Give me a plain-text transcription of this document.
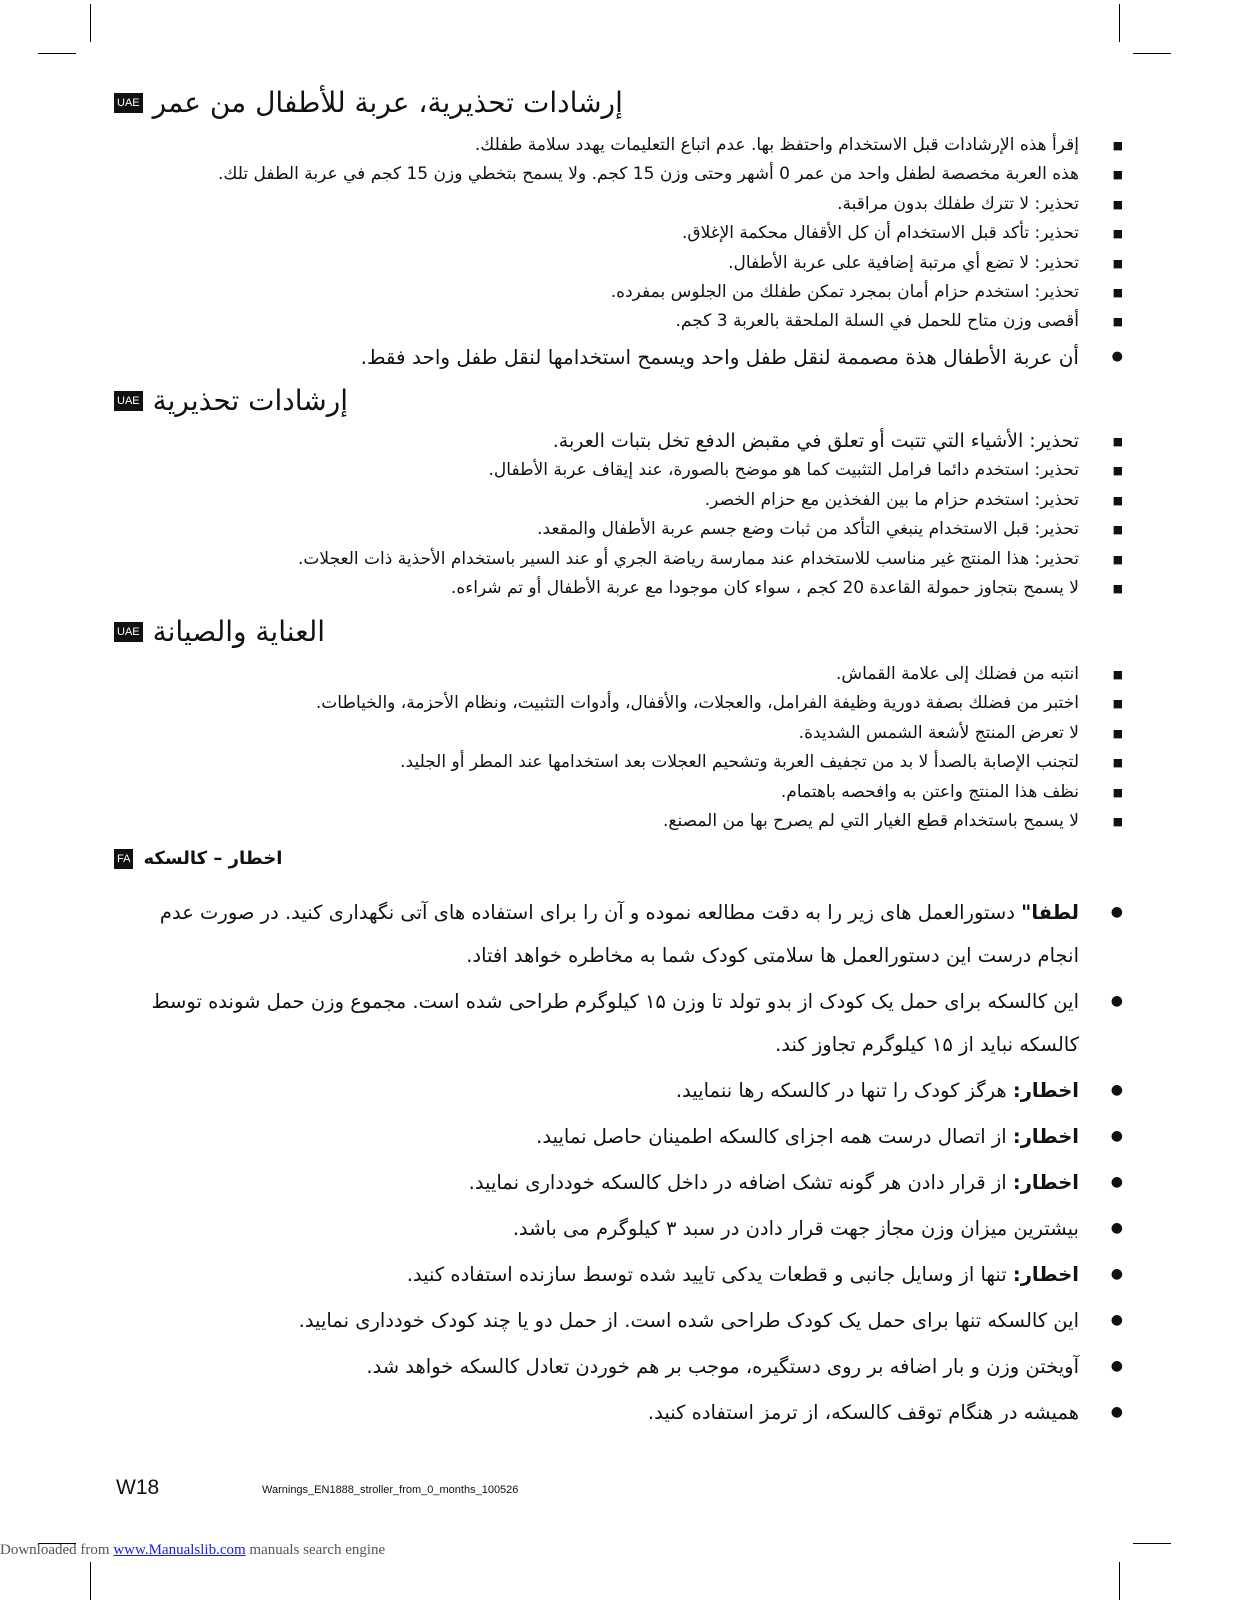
إرشادات تحذيرية، عربة للأطفال من عمر
UAE
■
إقرأ هذه الإرشادات قبل الاستخدام واحتفظ بها. عدم اتباع التعليمات يهدد سلامة طفلك.
■
هذه العربة مخصصة لطفل واحد من عمر 0 أشهر وحتى وزن 15 كجم. ولا يسمح بتخطي وزن 15 كجم في عربة الطفل تلك.
■
تحذير: لا تترك طفلك بدون مراقبة.
■
تحذير: تأكد قبل الاستخدام أن كل الأقفال محكمة الإغلاق.
■
تحذير: لا تضع أي مرتبة إضافية على عربة الأطفال.
■
تحذير: استخدم حزام أمان بمجرد تمكن طفلك من الجلوس بمفرده.
■
أقصى وزن متاح للحمل في السلة الملحقة بالعربة 3 كجم.
●
أن عربة الأطفال هذة مصممة لنقل طفل واحد ويسمح استخدامها لنقل طفل واحد فقط.
إرشادات تحذيرية
UAE
■
تحذير: الأشياء التي تتبت أو تعلق في مقبض الدفع تخل بتبات العربة.
■
تحذير: استخدم دائما فرامل التثبيت كما هو موضح بالصورة، عند إيقاف عربة الأطفال.
■
تحذير: استخدم حزام ما بين الفخذين مع حزام الخصر.
■
تحذير: قبل الاستخدام ينبغي التأكد من ثبات وضع جسم عربة الأطفال والمقعد.
■
تحذير: هذا المنتج غير مناسب للاستخدام عند ممارسة رياضة الجري أو عند السير باستخدام الأحذية ذات العجلات.
■
لا يسمح بتجاوز حمولة القاعدة 20 كجم ، سواء كان موجودا مع عربة الأطفال أو تم شراءه.
العناية والصيانة
UAE
■
انتبه من فضلك إلى علامة القماش.
■
اختبر من فضلك بصفة دورية وظيفة الفرامل، والعجلات، والأقفال، وأدوات التثبيت، ونظام الأحزمة، والخياطات.
■
لا تعرض المنتج لأشعة الشمس الشديدة.
■
لتجنب الإصابة بالصدأ لا بد من تجفيف العربة وتشحيم العجلات بعد استخدامها عند المطر أو الجليد.
■
نظف هذا المنتج واعتن به وافحصه باهتمام.
■
لا يسمح باستخدام قطع الغيار التي لم يصرح بها من المصنع.
اخطار – کالسکه
FA
●
لطفا" دستورالعمل های زیر را به دقت مطالعه نموده و آن را برای استفاده های آتی نگهداری کنید. در صورت عدم انجام درست این دستورالعمل ها سلامتی کودک شما به مخاطره خواهد افتاد.
●
این کالسکه برای حمل یک کودک از بدو تولد تا وزن ۱۵ کیلوگرم طراحی شده است. مجموع وزن حمل شونده توسط کالسکه نباید از ۱۵ کیلوگرم تجاوز کند.
●
اخطار: هرگز کودک را تنها در کالسکه رها ننمایید.
●
اخطار: از اتصال درست همه اجزای کالسکه اطمینان حاصل نمایید.
●
اخطار: از قرار دادن هر گونه تشک اضافه در داخل کالسکه خودداری نمایید.
●
بیشترین میزان وزن مجاز جهت قرار دادن در سبد ۳ کیلوگرم می باشد.
●
اخطار: تنها از وسایل جانبی و قطعات یدکی تایید شده توسط سازنده استفاده کنید.
●
این کالسکه تنها برای حمل یک کودک طراحی شده است. از حمل دو یا چند کودک خودداری نمایید.
●
آویختن وزن و بار اضافه بر روی دستگیره، موجب بر هم خوردن تعادل کالسکه خواهد شد.
●
همیشه در هنگام توقف کالسکه، از ترمز استفاده کنید.
W18	Warnings_EN1888_stroller_from_0_months_100526
Downloaded from www.Manualslib.com manuals search engine
